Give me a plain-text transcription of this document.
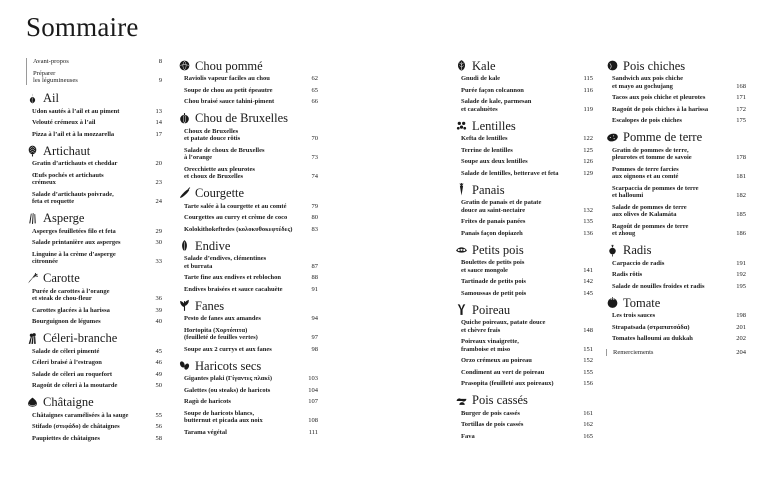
Sommaire
Avant-propos	8
Préparer
les légumineuses	9
Ail
Udon sautés à l’ail et au piment	13
Velouté crémeux à l’ail	14
Pizza à l’ail et à la mozzarella	17
Artichaut
Gratin d’artichauts et cheddar	20
Œufs pochés et artichauts
crémeux	23
Salade d’artichauts poivrade,
feta et roquette	24
Asperge
Asperges feuilletées filo et feta	29
Salade printanière aux asperges	30
Linguine à la crème d’asperge
citronnée	33
Carotte
Purée de carottes à l’orange
et steak de chou-fleur	36
Carottes glacées à la harissa	39
Bourguignon de légumes	40
Céleri-branche
Salade de céleri pimenté	45
Céleri braisé à l’estragon	46
Salade de céleri au roquefort	49
Ragoût de céleri à la moutarde	50
Châtaigne
Châtaignes caramélisées à la sauge	55
Stifado (στιφάδο) de châtaignes	56
Paupiettes de châtaignes	58
Chou pommé
Raviolis vapeur faciles au chou	62
Soupe de chou au petit épeautre	65
Chou braisé sauce tahini-piment	66
Chou de Bruxelles
Choux de Bruxelles
et patate douce rôtis	70
Salade de choux de Bruxelles
à l’orange	73
Orecchiette aux pleurotes
et choux de Bruxelles	74
Courgette
Tarte salée à la courgette et au comté	79
Courgettes au curry et crème de coco	80
Kolokithokeftedes (κολοκυθοκεφτέδες)	83
Endive
Salade d’endives, clémentines
et burrata	87
Tarte fine aux endives et reblochon	88
Endives braisées et sauce cacahuète	91
Fanes
Pesto de fanes aux amandes	94
Hortopita (Χορτόπιτα)
(feuilleté de feuilles vertes)	97
Soupe aux 2 currys et aux fanes	98
Haricots secs
Gigantes plaki (Γίγαντες πλακί)	103
Galettes (ou steaks) de haricots	104
Ragù de haricots	107
Soupe de haricots blancs,
butternut et picada aux noix	108
Tarama végétal	111
Kale
Gnudi de kale	115
Purée façon colcannon	116
Salade de kale, parmesan
et cacahuètes	119
Lentilles
Kefta de lentilles	122
Terrine de lentilles	125
Soupe aux deux lentilles	126
Salade de lentilles, betterave et feta	129
Panais
Gratin de panais et de patate
douce au saint-nectaire	132
Frites de panais panées	135
Panais façon dopiazeh	136
Petits pois
Boulettes de petits pois
et sauce mongole	141
Tartinade de petits pois	142
Samoussas de petit pois	145
Poireau
Quiche poireaux, patate douce
et chèvre frais	148
Poireaux vinaigrette,
framboise et miso	151
Orzo crémeux au poireau	152
Condiment au vert de poireau	155
Prasopita (feuilleté aux poireaux)	156
Pois cassés
Burger de pois cassés	161
Tortillas de pois cassés	162
Fava	165
Pois chiches
Sandwich aux pois chiche
et mayo au gochujang	168
Tacos aux pois chiche et pleurotes	171
Ragoût de pois chiches à la harissa	172
Escalopes de pois chiches	175
Pomme de terre
Gratin de pommes de terre,
pleurotes et tomme de savoie	178
Pommes de terre farcies
aux oignons et au comté	181
Scarpaccia de pommes de terre
et halloumi	182
Salade de pommes de terre
aux olives de Kalamáta	185
Ragoût de pommes de terre
et zhoug	186
Radis
Carpaccio de radis	191
Radis rôtis	192
Salade de nouilles froides et radis	195
Tomate
Les trois sauces	198
Strapatsada (στραπατσάδα)	201
Tomates halloumi au dukkah	202
Remerciements	204
